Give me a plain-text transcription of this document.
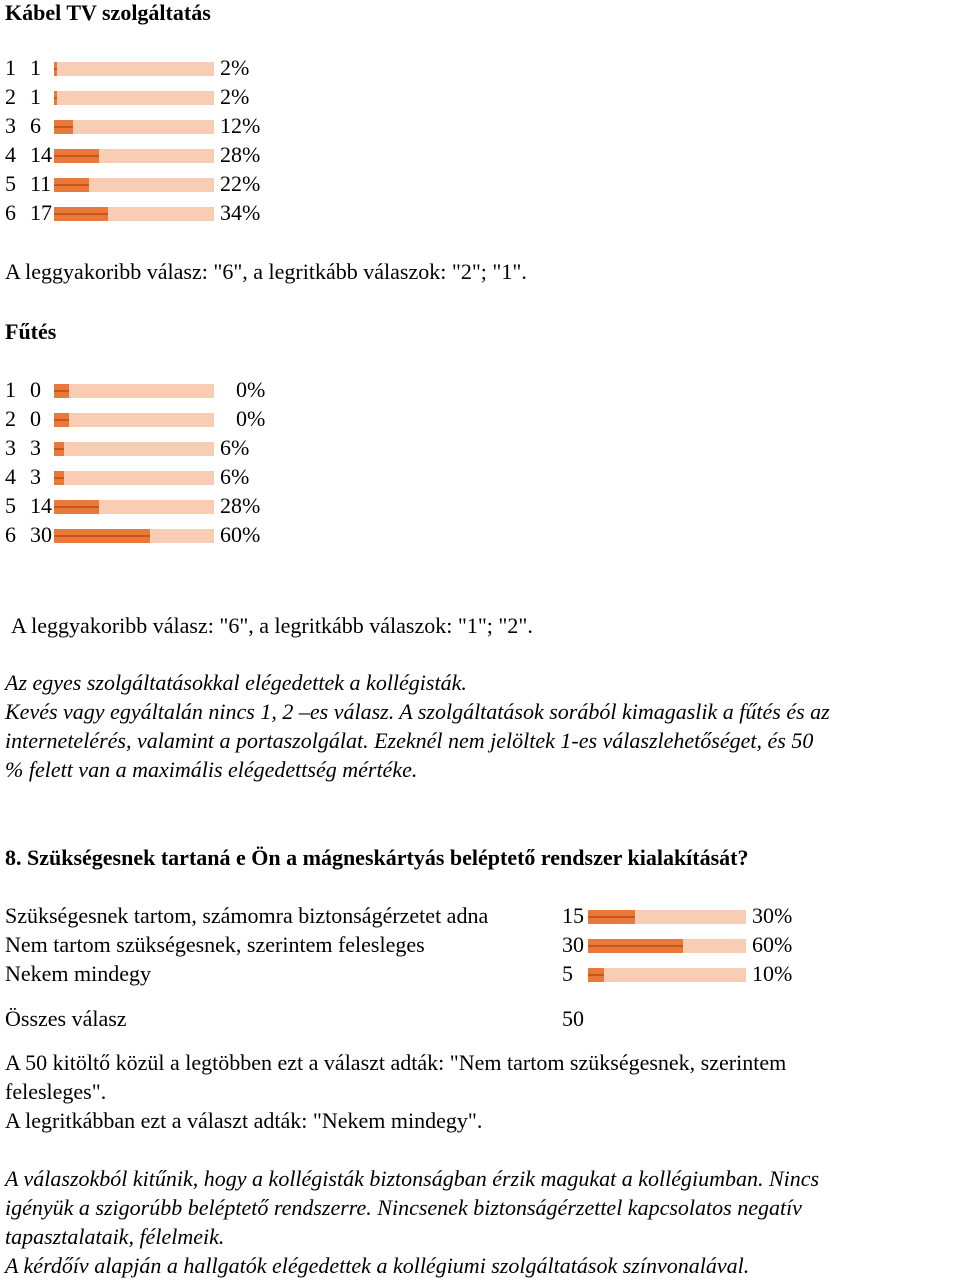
Kábel TV szolgáltatás
1 1	2%
2 1	2%
3 6	12%
4 14	28%
5 11	22%
6 17	34%
A leggyakoribb válasz: "6", a legritkább válaszok: "2"; "1".
Fűtés
1 0	0%
2 0	0%
3 3	6%
4 3	6%
5 14	28%
6 30	60%
A leggyakoribb válasz: "6", a legritkább válaszok: "1"; "2".
Az egyes szolgáltatásokkal elégedettek a kollégisták.
Kevés vagy egyáltalán nincs 1, 2 –es válasz. A szolgáltatások sorából kimagaslik a fűtés és az
internetelérés, valamint a portaszolgálat. Ezeknél nem jelöltek 1-es válaszlehetőséget, és 50
% felett van a maximális elégedettség mértéke.
8. Szükségesnek tartaná e Ön a mágneskártyás beléptető rendszer kialakítását?
Szükségesnek tartom, számomra biztonságérzetet adna	15	30%
Nem tartom szükségesnek, szerintem felesleges	30	60%
Nekem mindegy	5	10%
Összes válasz	50
A 50 kitöltő közül a legtöbben ezt a választ adták: "Nem tartom szükségesnek, szerintem
felesleges".
A legritkábban ezt a választ adták: "Nekem mindegy".
A válaszokból kitűnik, hogy a kollégisták biztonságban érzik magukat a kollégiumban. Nincs
igényük a szigorúbb beléptető rendszerre. Nincsenek biztonságérzettel kapcsolatos negatív
tapasztalataik, félelmeik.
A kérdőív alapján a hallgatók elégedettek a kollégiumi szolgáltatások színvonalával.
